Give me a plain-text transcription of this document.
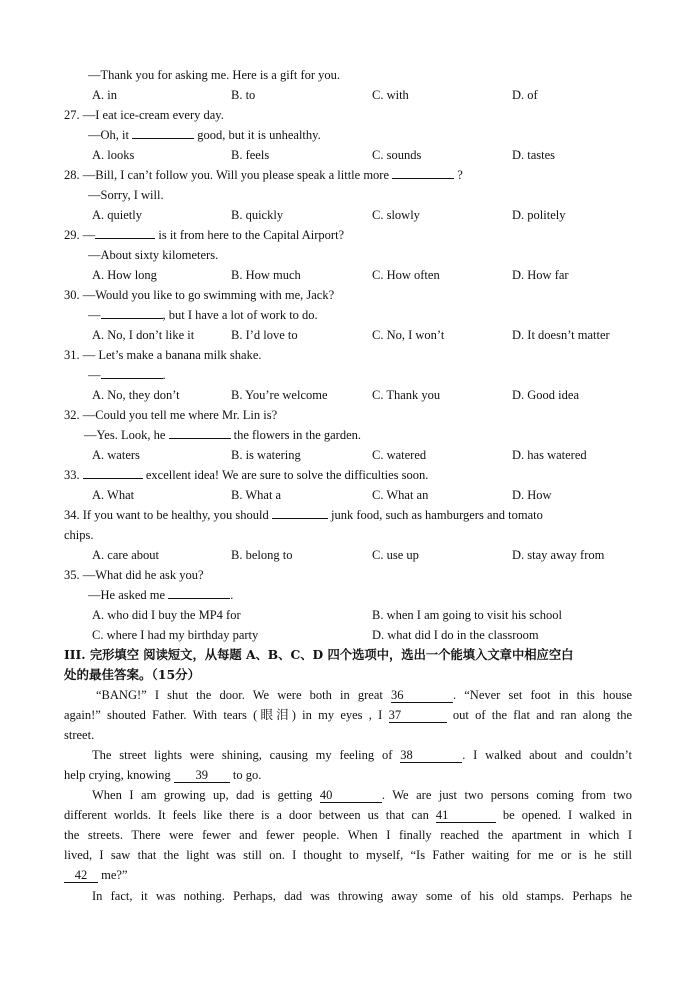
—Thank you for asking me. Here is a gift for you.
A. in	B. to	C. with	D. of
27. —I eat ice-cream every day.
—Oh, it	good, but it is unhealthy.
A. looks	B. feels	C. sounds	D. tastes
28. —Bill, I can’t follow you. Will you please speak a little more	?
—Sorry, I will.
A. quietly	B. quickly	C. slowly	D. politely
29. —	is it from here to the Capital Airport?
—About sixty kilometers.
A. How long	B. How much	C. How often	D. How far
30. —Would you like to go swimming with me, Jack?
—	, but I have a lot of work to do.
A. No, I don’t like it	B. I’d love to	C. No, I won’t	D. It doesn’t matter
31. — Let’s make a banana milk shake.
—	.
A. No, they don’t	B. You’re welcome	C. Thank you	D. Good idea
32. —Could you tell me where Mr. Lin is?
—Yes. Look, he	the flowers in the garden.
A. waters	B. is watering	C. watered	D. has watered
33.	excellent idea! We are sure to solve the difficulties soon.
A. What	B. What a	C. What an	D. How
34. If you want to be healthy, you should	junk food, such as hamburgers and tomato
chips.
A. care about	B. belong to	C. use up	D. stay away from
35. —What did he ask you?
—He asked me	.
A. who did I buy the MP4 for	B. when I am going to visit his school
C. where I had my birthday party	D. what did I do in the classroom
III. 完形填空 阅读短文，从每题 A、B、C、D 四个选项中，选出一个能填入文章中相应空白
处的最佳答案。（15分）
“BANG!” I shut the door. We were both in great 36	. “Never set foot in this house
again!” shouted Father. With tears (眼泪) in my eyes , I 37	out of the flat and ran along the
street.
The street lights were shining, causing my feeling of 38	. I walked about and couldn’t
help crying, knowing 39 to go.
When I am growing up, dad is getting 40	. We are just two persons coming from two
different worlds. It feels like there is a door between us that can 41	be opened. I walked in
the streets. There were fewer and fewer people. When I finally reached the apartment in which I
lived, I saw that the light was still on. I thought to myself, “Is Father waiting for me or is he still
42 me?”
In fact, it was nothing. Perhaps, dad was throwing away some of his old stamps. Perhaps he
